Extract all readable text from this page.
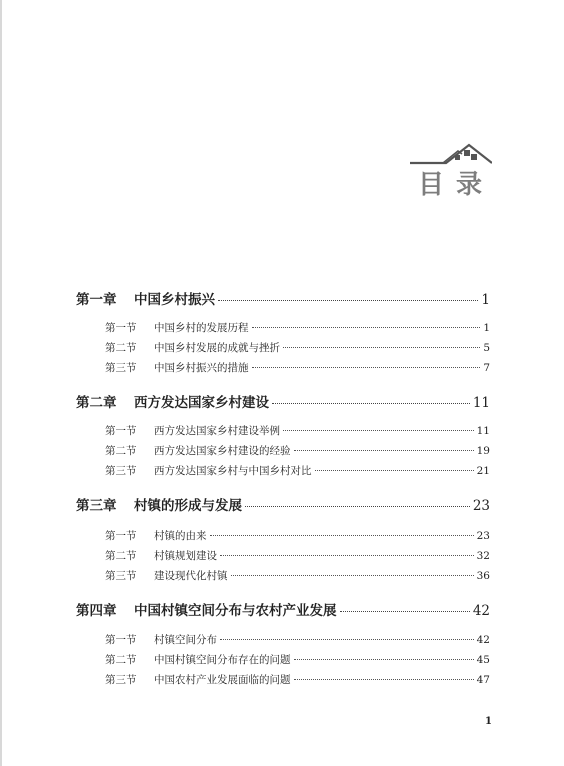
目录
第一章	中国乡村振兴	1
第一节	中国乡村的发展历程	1
第二节	中国乡村发展的成就与挫折	5
第三节	中国乡村振兴的措施	7
第二章	西方发达国家乡村建设	11
第一节	西方发达国家乡村建设举例	11
第二节	西方发达国家乡村建设的经验	19
第三节	西方发达国家乡村与中国乡村对比	21
第三章	村镇的形成与发展	23
第一节	村镇的由来	23
第二节	村镇规划建设	32
第三节	建设现代化村镇	36
第四章	中国村镇空间分布与农村产业发展	42
第一节	村镇空间分布	42
第二节	中国村镇空间分布存在的问题	45
第三节	中国农村产业发展面临的问题	47
1
